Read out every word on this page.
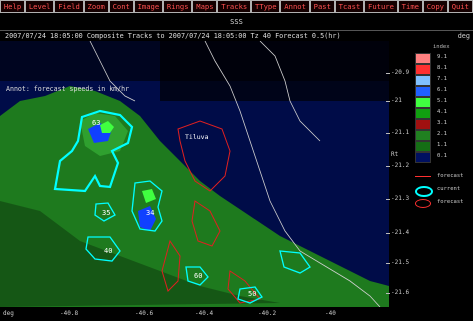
Help	Level	Field	Zoom	Cont	Image	Rings	Maps	Tracks	TType	Annot	Past	Tcast	Future	Time	Copy	Quit
SSS
2007/07/24 18:05:00 Composite Tracks to 2007/07/24 18:05:00 Tz 40 Forecast 0.5(hr)	deg
63
35	34
40
60
50
Tiluva
Annot: forecast speeds in km/hr
-20.9
-21
-21.1
-21.2
-21.3
-21.4
-21.5
-21.6
Rt
index
9.1
8.1
7.1
6.1
5.1
4.1
3.1
2.1
1.1
0.1
forecast
current
forecast
-40.8	-40.6	-40.4	-40.2	-40
deg
